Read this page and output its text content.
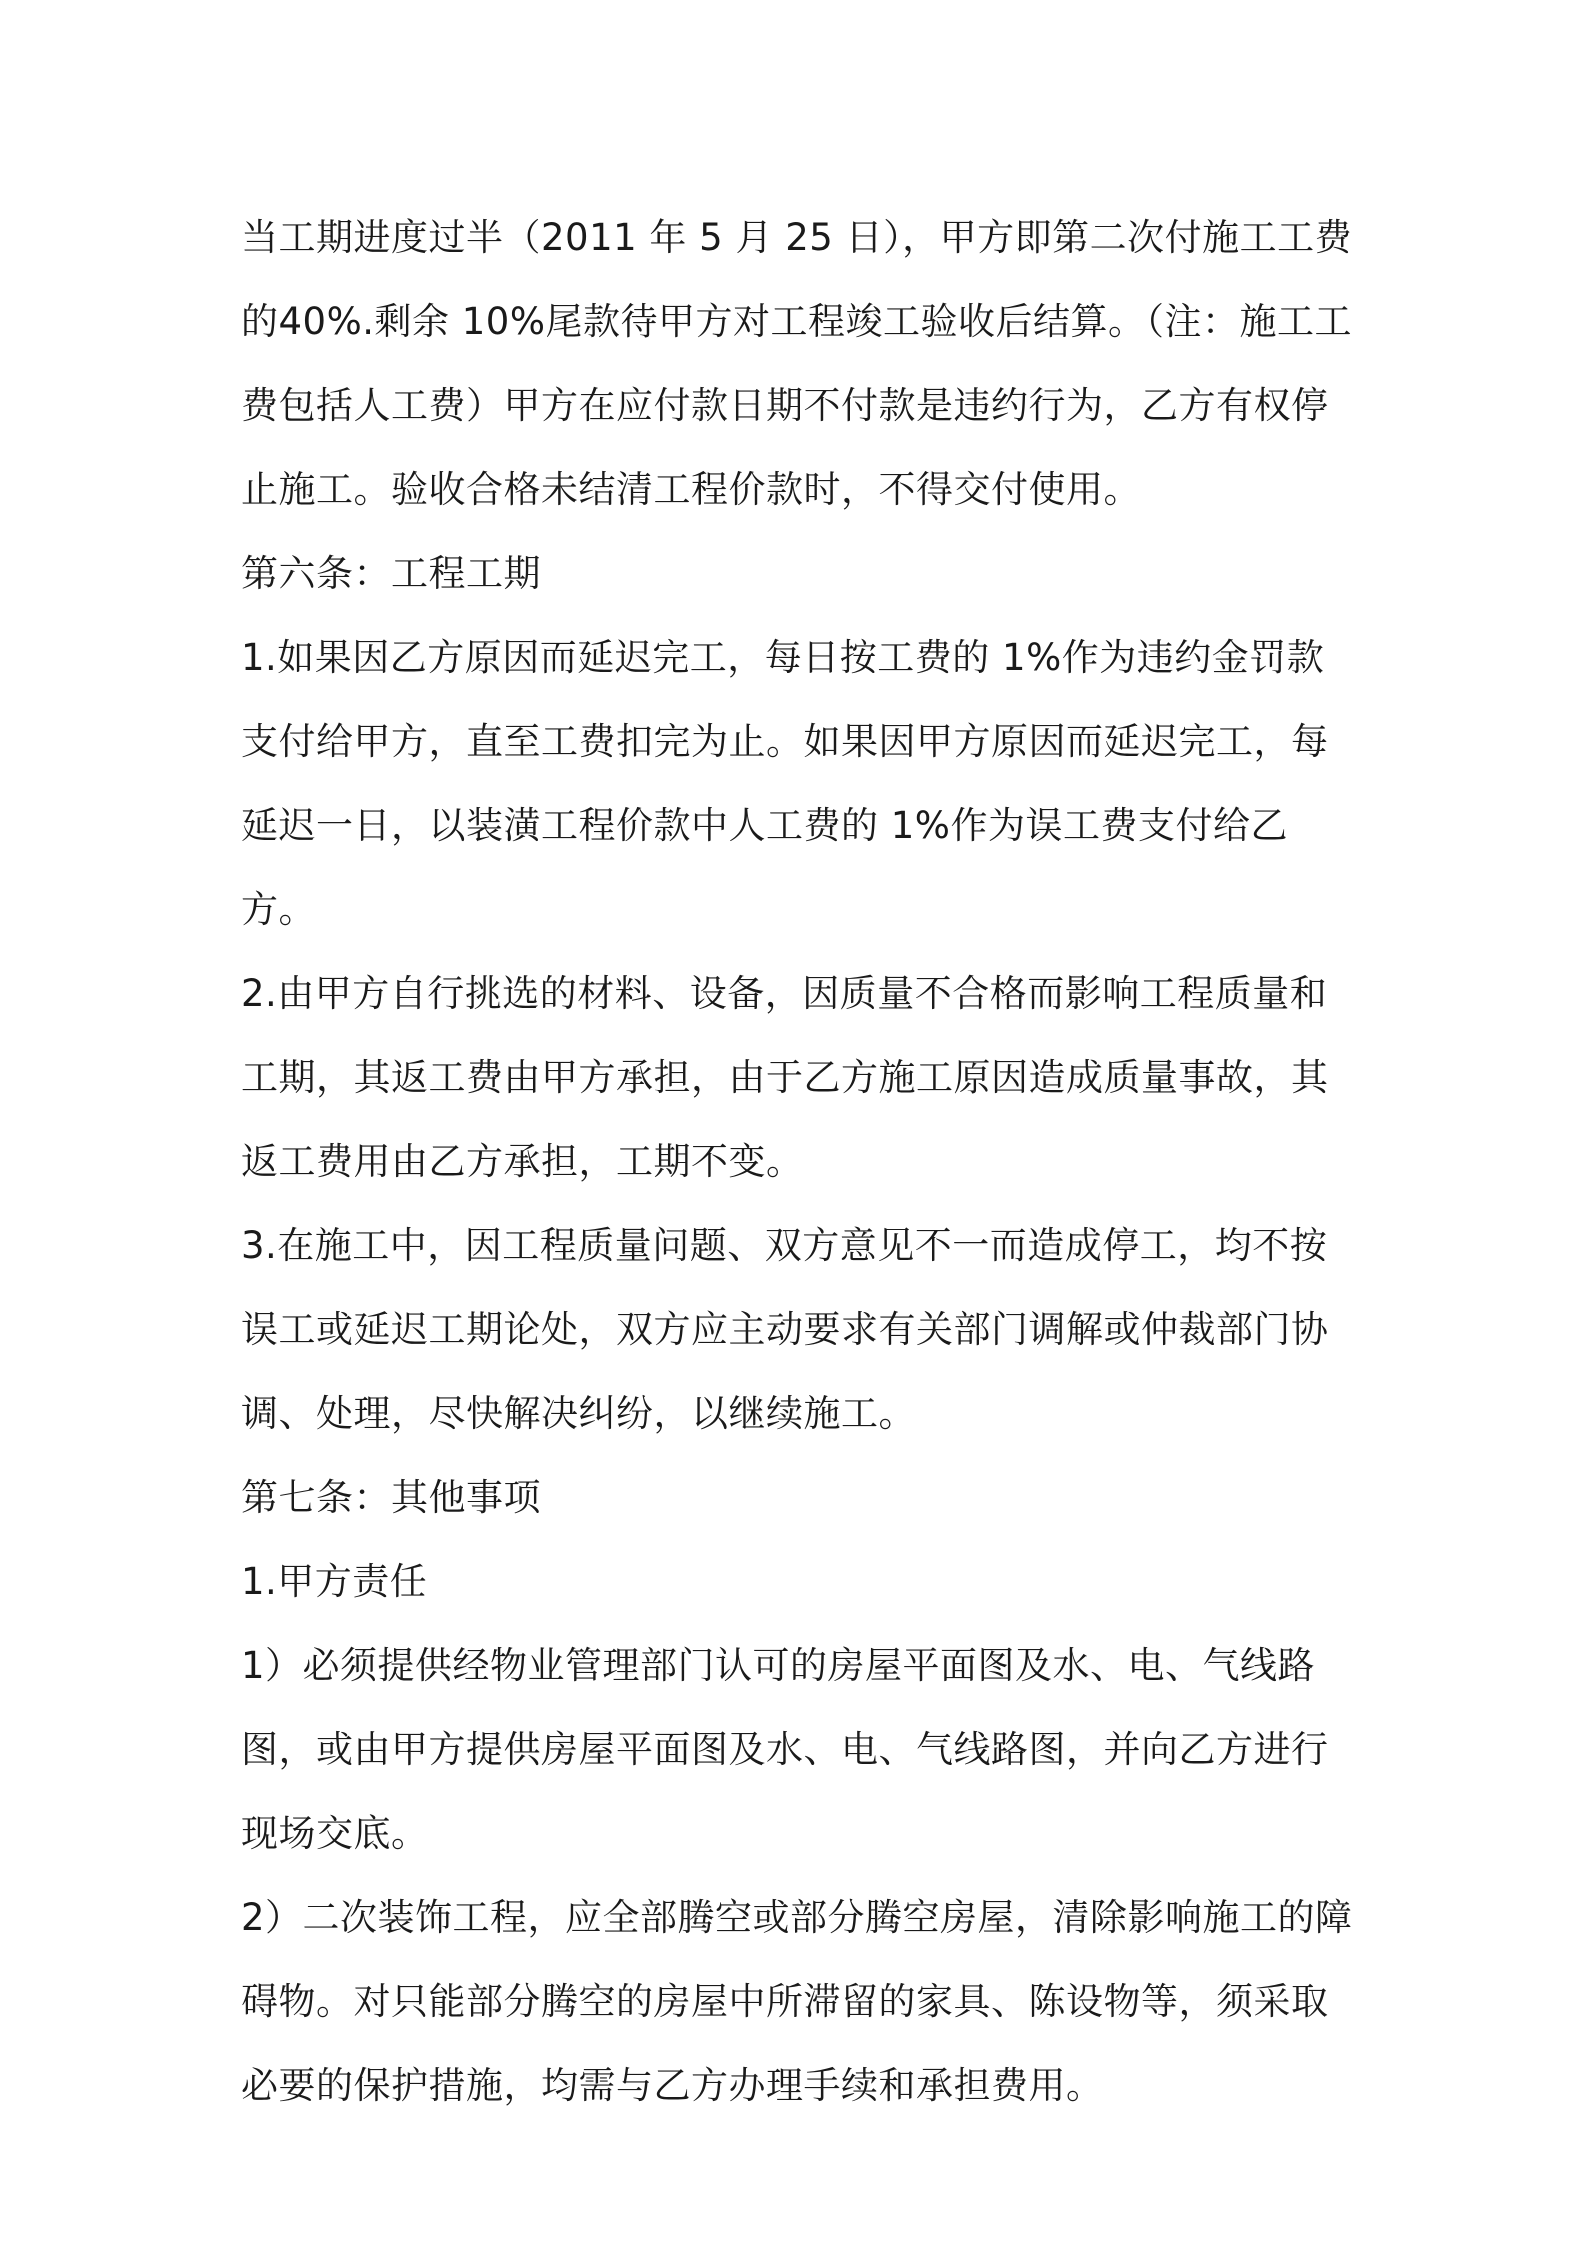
当工期进度过半（2011 年 5 月 25 日），甲方即第二次付施工工费的40%.剩余 10%尾款待甲方对工程竣工验收后结算。（注：施工工费包括人工费）甲方在应付款日期不付款是违约行为，乙方有权停止施工。验收合格未结清工程价款时，不得交付使用。

第六条：工程工期

1.如果因乙方原因而延迟完工，每日按工费的 1%作为违约金罚款支付给甲方，直至工费扣完为止。如果因甲方原因而延迟完工，每延迟一日，以装潢工程价款中人工费的 1%作为误工费支付给乙方。

2.由甲方自行挑选的材料、设备，因质量不合格而影响工程质量和工期，其返工费由甲方承担，由于乙方施工原因造成质量事故，其返工费用由乙方承担，工期不变。

3.在施工中，因工程质量问题、双方意见不一而造成停工，均不按误工或延迟工期论处，双方应主动要求有关部门调解或仲裁部门协调、处理，尽快解决纠纷，以继续施工。

第七条：其他事项

1.甲方责任

1）必须提供经物业管理部门认可的房屋平面图及水、电、气线路图，或由甲方提供房屋平面图及水、电、气线路图，并向乙方进行现场交底。

2）二次装饰工程，应全部腾空或部分腾空房屋，清除影响施工的障碍物。对只能部分腾空的房屋中所滞留的家具、陈设物等，须采取必要的保护措施，均需与乙方办理手续和承担费用。
